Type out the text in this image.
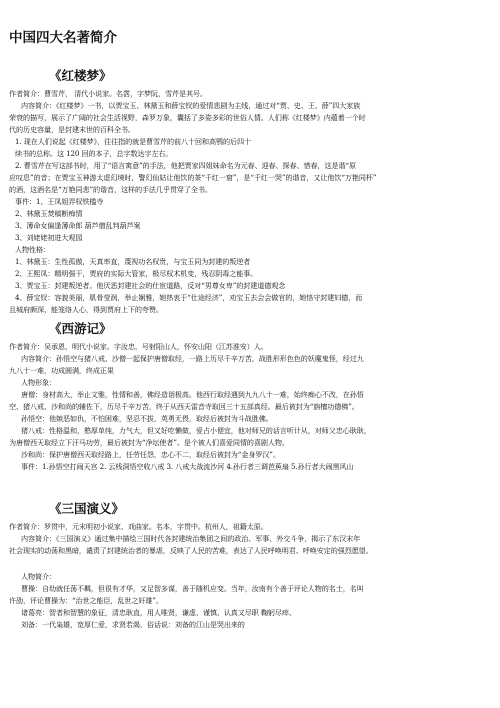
中国四大名著简介
《红楼梦》
作者简介：曹雪芹， 清代小说家。名霑，字梦阮，雪芹是其号。
内容简介：《红楼梦》一书，以贾宝玉、林黛玉和薛宝钗的爱情悲剧为主线，通过对“贾、史、王、薛”四大家族
荣衰的描写，展示了广阔的社会生活视野，森罗万象，囊括了多姿多彩的世俗人情。人们称《红楼梦》内蕴着一个时
代的历史容量，是封建末世的百科全书。
1. 现在人们说起《红楼梦》，往往指的就是曹雪芹的前八十回和高鹗的后四十
续书的总称。这 120 回的本子，总字数达字左右。
2. 曹雪芹在写这部书时，用了“语言寓意”的手法，他把贾家四姐妹命名为元春、迎春、探春、惜春，这是谐“原
应叹息”的音；在贾宝玉神游太虚幻境时，警幻仙姑让他饮的茶“千红一窟”，是“千红一哭”的谐音，又让他饮“万艳同杯”
的酒，这酒名是“万艳同悲”的谐音，这样的手法几乎贯穿了全书。
事件：1、王凤姐弄权铁槛寺
2、林黛玉焚稿断痴情
3、薄命女偏逢薄命郎 葫芦僧乱判葫芦案
3、刘姥姥初进大观园
人物性格：
1、林黛玉：生性孤傲，天真率直，蔑视功名权贵，与宝玉同为封建的叛逆者
2、王熙凤：精明强干，贾府的实际大管家，极尽权术机变，残忍阴毒之能事。
3、贾宝玉：封建叛逆者。他厌恶封建社会的仕宦道路，反对“男尊女卑”的封建道德观念
4、薛宝钗：容貌美丽，肌骨莹润，举止娴雅，她热衷于“仕途经济”，劝宝玉去会会做官的，她恪守封建妇德，而
且城府颇深，能笼络人心，得到贾府上下的夸赞。
《西游记》
作者简介：吴承恩，明代小说家。字汝忠，号射阳山人，怀安山阳（江苏淮安）人。
内容简介：孙悟空与猪八戒、沙僧一起保护唐僧取经，一路上历尽千辛万苦，战胜形形色色的妖魔鬼怪，经过九
九八十一难，功成圆满，终成正果
人物形象：
唐僧：身材高大，举止文雅，性情和善，佛经造诣极高。他西行取经遇到九九八十一难，始终痴心不改，在孙悟
空、猪八戒、沙和尚的辅佐下，历尽千辛万苦，终于从西天雷音寺取回三十五部真经。最后被封为“旃檀功德佛”。
孙悟空：他嫉恶如仇，不怕困难，坚忍不拔，英勇无畏，取经后被封为斗战胜佛。
猪八戒：性格温和，憨厚单纯，力气大，但又好吃懒做，爱占小便宜，他对师兄的话言听计从，对师父忠心耿耿，
为唐僧西天取经立下汗马功劳，最后被封为“净坛使者”。是个被人们喜爱同情的喜剧人物。
沙和尚：保护唐僧西天取经路上，任劳任怨，忠心不二，取经后被封为“金身罗汉”。
事件：1.孙悟空打闹天宫 2. 云栈洞悟空收八戒 3. 八戒大战流沙河 4.孙行者三调芭蕉扇 5.孙行者大闹黑风山
《三国演义》
作者简介：罗贯中，元末明初小说家、戏曲家。名本，字贯中。杭州人，祖籍太原。
内容简介：《三国演义》通过集中描绘三国时代各封建统治集团之间的政治、军事、外交斗争，揭示了东汉末年
社会现实的动荡和黑暗，谴责了封建统治者的暴虐，反映了人民的苦难，表达了人民呼唤明君、呼唤安定的强烈愿望。
人物简介：
曹操：自幼就任荡不羁，但很有才华，又足智多谋，善于随机应变。当年，汝南有个善于评论人物的名士，名叫
许劭，评论曹操为：“治世之能臣，乱世之奸雄”。
诸葛亮：智者和智慧的象征，清忠耿直，用人唯贤，谦虚、谨慎、认真又尽职 鞠躬尽瘁、
刘备：一代枭雄，宽厚仁爱，求贤若渴，俗话说：刘备的江山是哭出来的
